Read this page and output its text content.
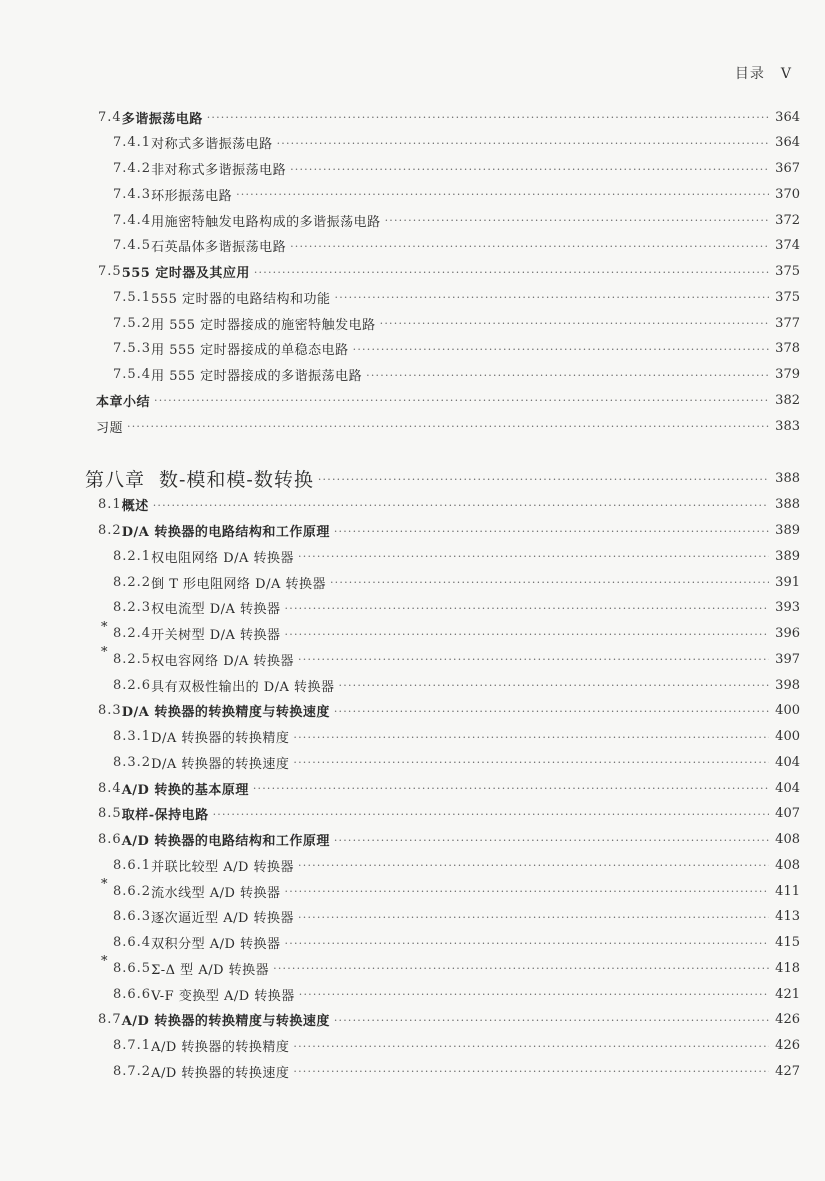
目录 V
7.4 多谐振荡电路 ·····	364
7.4.1 对称式多谐振荡电路 ·····	364
7.4.2 非对称式多谐振荡电路 ·····	367
7.4.3 环形振荡电路 ·····	370
7.4.4 用施密特触发电路构成的多谐振荡电路 ·····	372
7.4.5 石英晶体多谐振荡电路 ·····	374
7.5 555 定时器及其应用 ·····	375
7.5.1 555 定时器的电路结构和功能 ·····	375
7.5.2 用 555 定时器接成的施密特触发电路 ·····	377
7.5.3 用 555 定时器接成的单稳态电路 ·····	378
7.5.4 用 555 定时器接成的多谐振荡电路 ·····	379
本章小结 ·····	382
习题 ·····	383
第八章 数-模和模-数转换 ·····	388
8.1 概述 ·····	388
8.2 D/A 转换器的电路结构和工作原理 ·····	389
8.2.1 权电阻网络 D/A 转换器 ·····	389
8.2.2 倒 T 形电阻网络 D/A 转换器 ·····	391
8.2.3 权电流型 D/A 转换器 ·····	393
* 8.2.4 开关树型 D/A 转换器 ·····	396
* 8.2.5 权电容网络 D/A 转换器 ·····	397
8.2.6 具有双极性输出的 D/A 转换器 ·····	398
8.3 D/A 转换器的转换精度与转换速度 ·····	400
8.3.1 D/A 转换器的转换精度 ·····	400
8.3.2 D/A 转换器的转换速度 ·····	404
8.4 A/D 转换的基本原理 ·····	404
8.5 取样-保持电路 ·····	407
8.6 A/D 转换器的电路结构和工作原理 ·····	408
8.6.1 并联比较型 A/D 转换器 ·····	408
* 8.6.2 流水线型 A/D 转换器 ·····	411
8.6.3 逐次逼近型 A/D 转换器 ·····	413
8.6.4 双积分型 A/D 转换器 ·····	415
* 8.6.5 Σ-Δ 型 A/D 转换器 ·····	418
8.6.6 V-F 变换型 A/D 转换器 ·····	421
8.7 A/D 转换器的转换精度与转换速度 ·····	426
8.7.1 A/D 转换器的转换精度 ·····	426
8.7.2 A/D 转换器的转换速度 ·····	427
